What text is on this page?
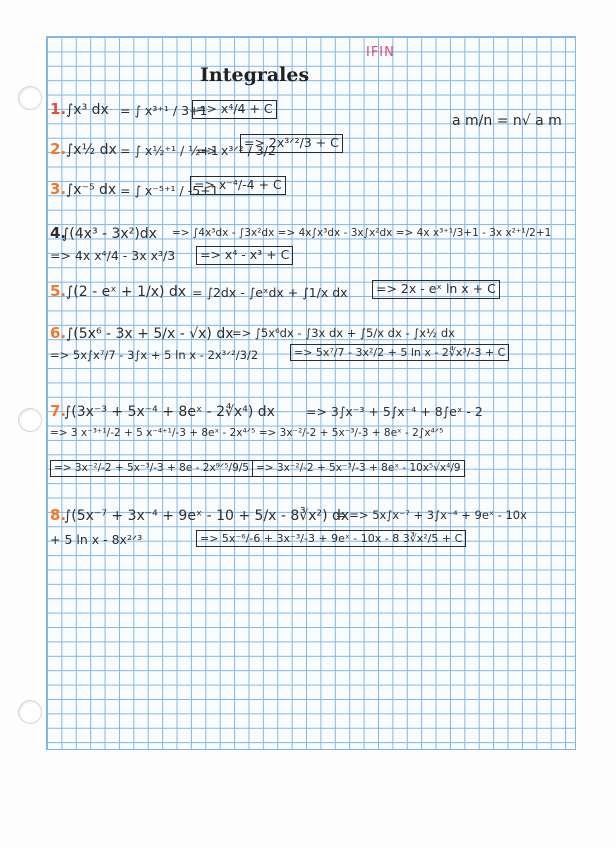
IFIN
Integrales
a m/n = n√ a m
1. ∫x³ dx = ∫ x³⁺¹ / 3+1
=> x⁴/4 + C
2. ∫x½ dx = ∫ x½⁺¹ / ½+1
=> x³ᐟ² / 3/2
=> 2x³ᐟ²/3 + C
3. ∫x⁻⁵ dx = ∫ x⁻⁵⁺¹ / -5+1
=> x⁻⁴/-4 + C
4.
∫(4x³ - 3x²)dx => ∫4x³dx - ∫3x²dx => 4x∫x³dx - 3x∫x²dx => 4x x³⁺¹/3+1 - 3x x²⁺¹/2+1
=> 4x x⁴/4 - 3x x³/3	=> x⁴ - x³ + C
5. ∫(2 - eˣ + 1/x) dx = ∫2dx - ∫eˣdx + ∫1/x dx	=> 2x - eˣ ln x + C
6. ∫(5x⁶ - 3x + 5/x - √x) dx
=> ∫5x⁶dx - ∫3x dx + ∫5/x dx - ∫x½ dx
=> 5x∫x⁷/7 - 3∫x + 5 ln x - 2x³ᐟ²/3/2	=> 5x⁷/7 - 3x²/2 + 5 ln x - 2∜x³/-3 + C
7.
∫(3x⁻³ + 5x⁻⁴ + 8eˣ - 2∜x⁴) dx => 3∫x⁻³ + 5∫x⁻⁴ + 8∫eˣ - 2
=> 3 x⁻³⁺¹/-2 + 5 x⁻⁴⁺¹/-3 + 8eˣ - 2x⁴ᐟ⁵ => 3x⁻²/-2 + 5x⁻³/-3 + 8eˣ - 2∫x⁴ᐟ⁵
=> 3x⁻²/-2 + 5x⁻³/-3 + 8e - 2x⁹ᐟ⁵/9/5 => 3x⁻²/-2 + 5x⁻³/-3 + 8eˣ - 10x⁵√x⁴/9
8.
∫(5x⁻⁷ + 3x⁻⁴ + 9eˣ - 10 + 5/x - 8∛x²) dx
= => 5x∫x⁻⁷ + 3∫x⁻⁴ + 9eˣ - 10x
+ 5 ln x - 8x²ᐟ³	=> 5x⁻⁶/-6 + 3x⁻³/-3 + 9eˣ - 10x - 8 3∛x²/5 + C
